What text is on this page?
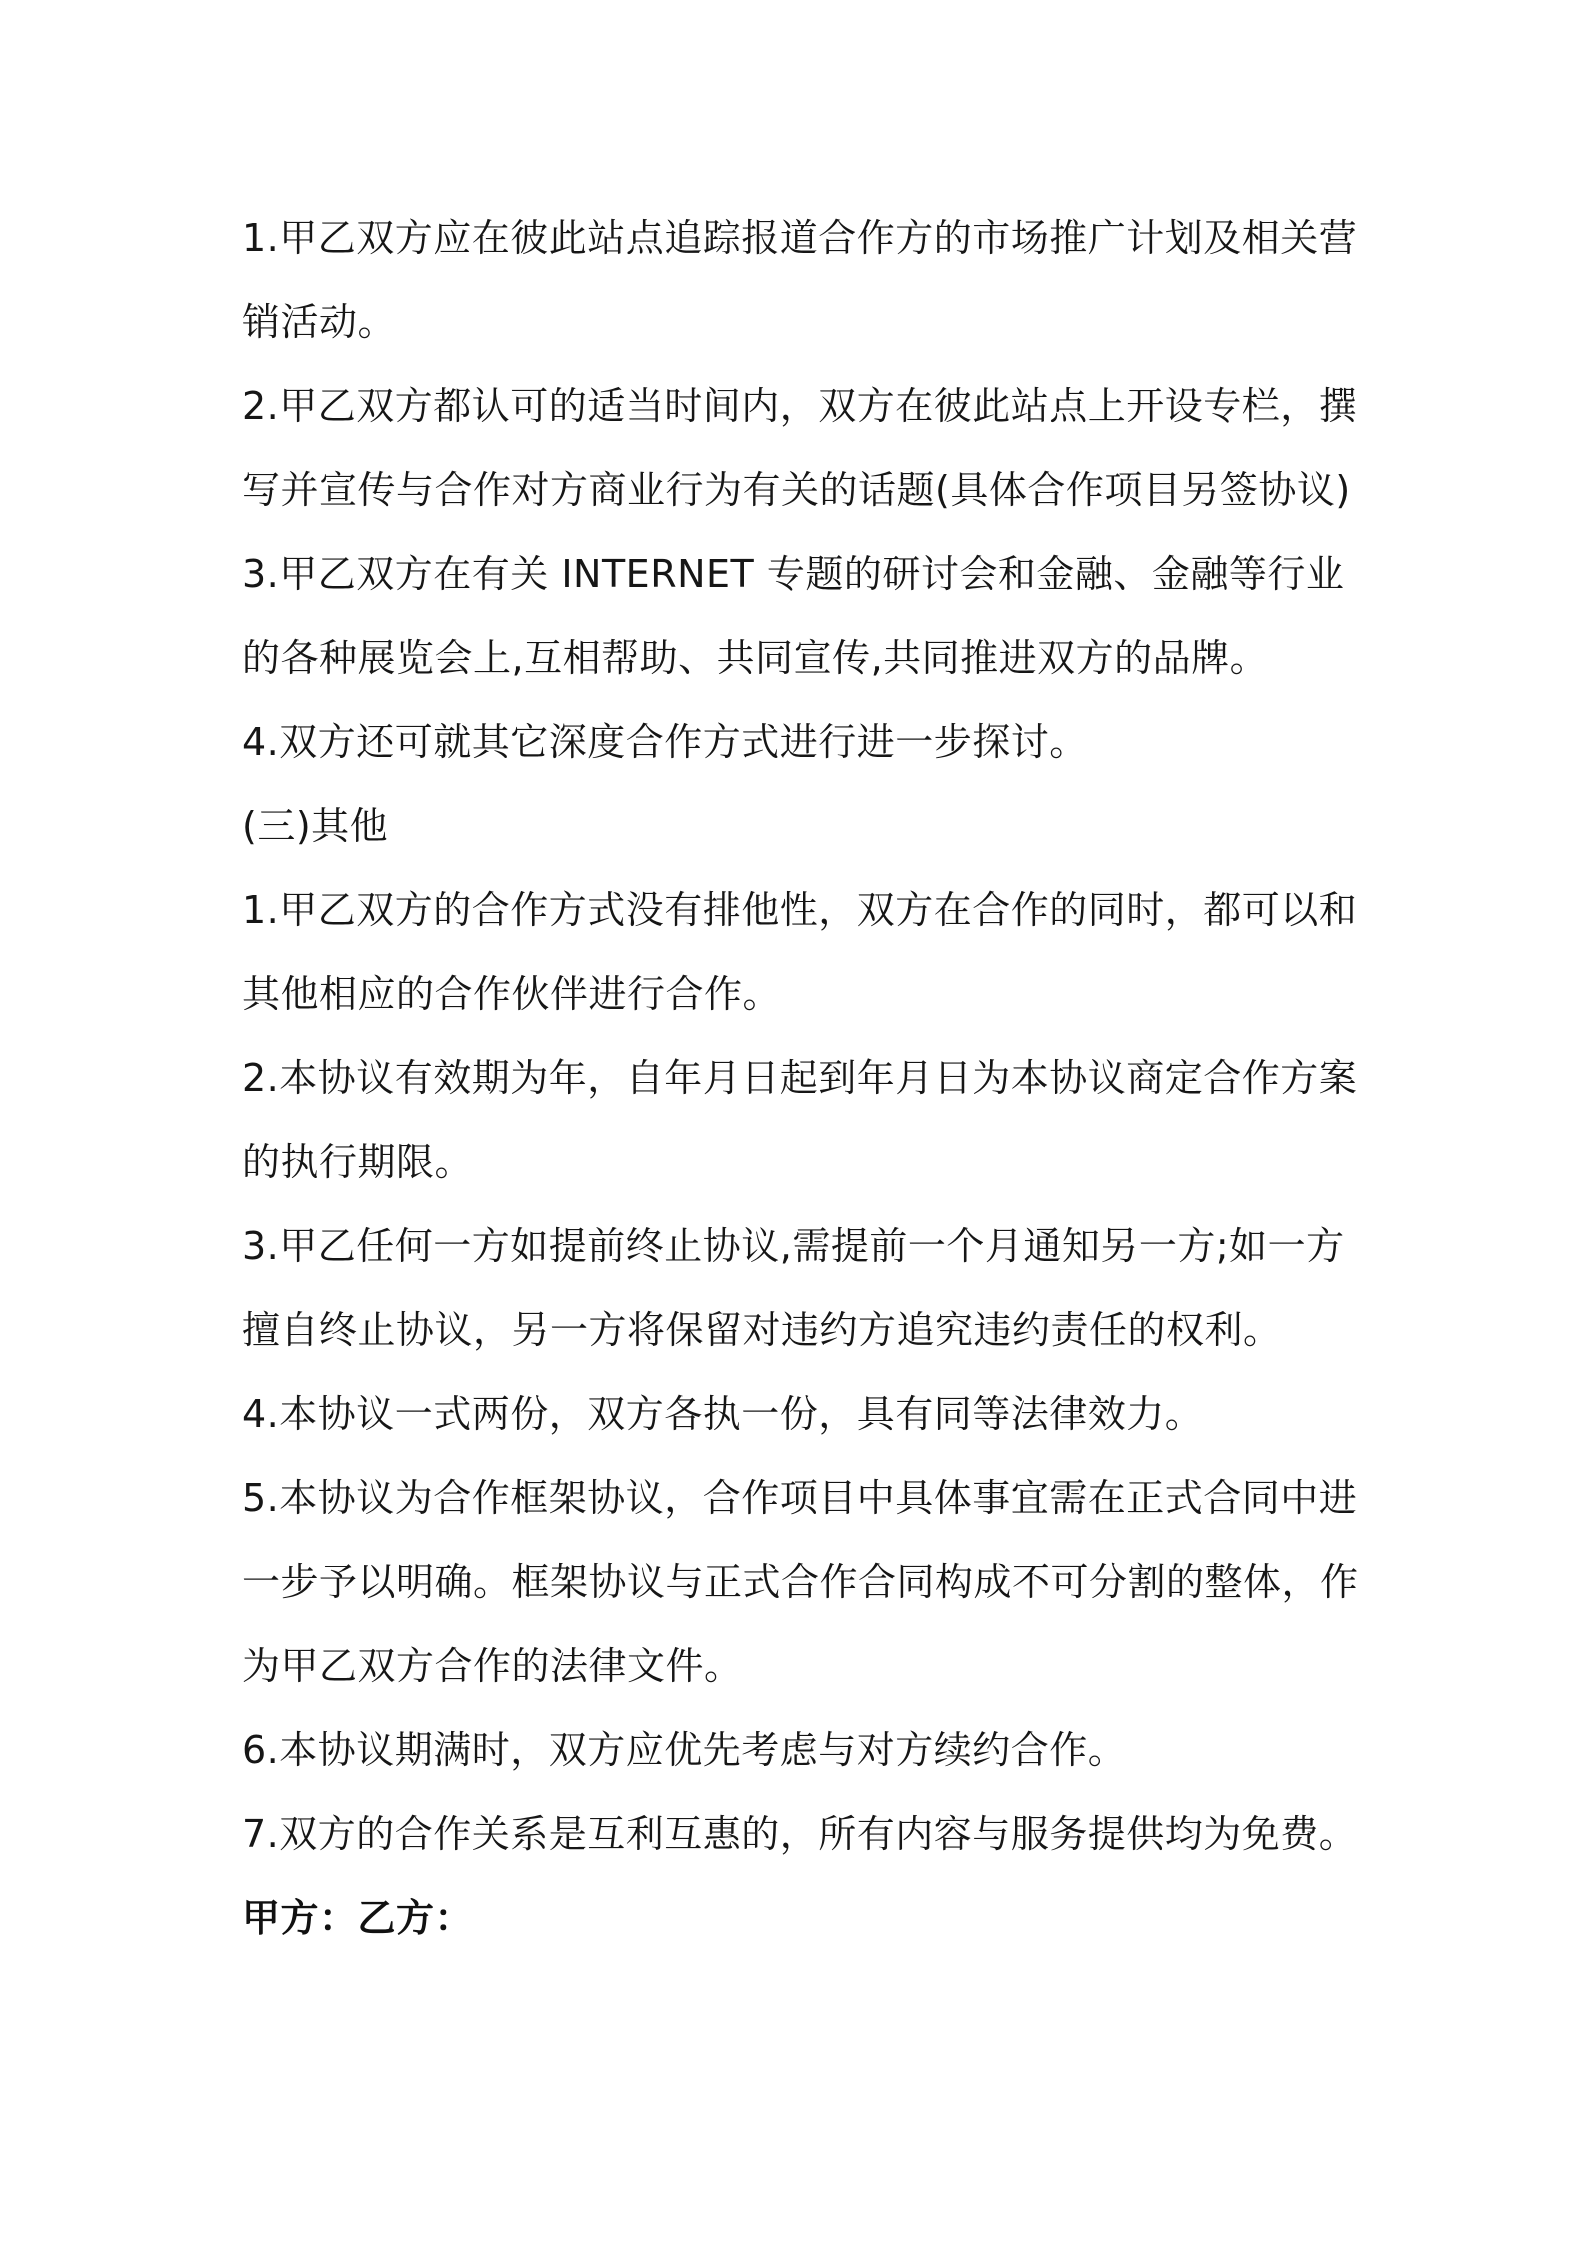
1.甲乙双方应在彼此站点追踪报道合作方的市场推广计划及相关营销活动。

2.甲乙双方都认可的适当时间内，双方在彼此站点上开设专栏，撰写并宣传与合作对方商业行为有关的话题(具体合作项目另签协议)

3.甲乙双方在有关 INTERNET 专题的研讨会和金融、金融等行业的各种展览会上,互相帮助、共同宣传,共同推进双方的品牌。

4.双方还可就其它深度合作方式进行进一步探讨。

(三)其他

1.甲乙双方的合作方式没有排他性，双方在合作的同时，都可以和其他相应的合作伙伴进行合作。

2.本协议有效期为年，自年月日起到年月日为本协议商定合作方案的执行期限。

3.甲乙任何一方如提前终止协议,需提前一个月通知另一方;如一方擅自终止协议，另一方将保留对违约方追究违约责任的权利。

4.本协议一式两份，双方各执一份，具有同等法律效力。

5.本协议为合作框架协议，合作项目中具体事宜需在正式合同中进一步予以明确。框架协议与正式合作合同构成不可分割的整体，作为甲乙双方合作的法律文件。

6.本协议期满时，双方应优先考虑与对方续约合作。

7.双方的合作关系是互利互惠的，所有内容与服务提供均为免费。

甲方：乙方：
